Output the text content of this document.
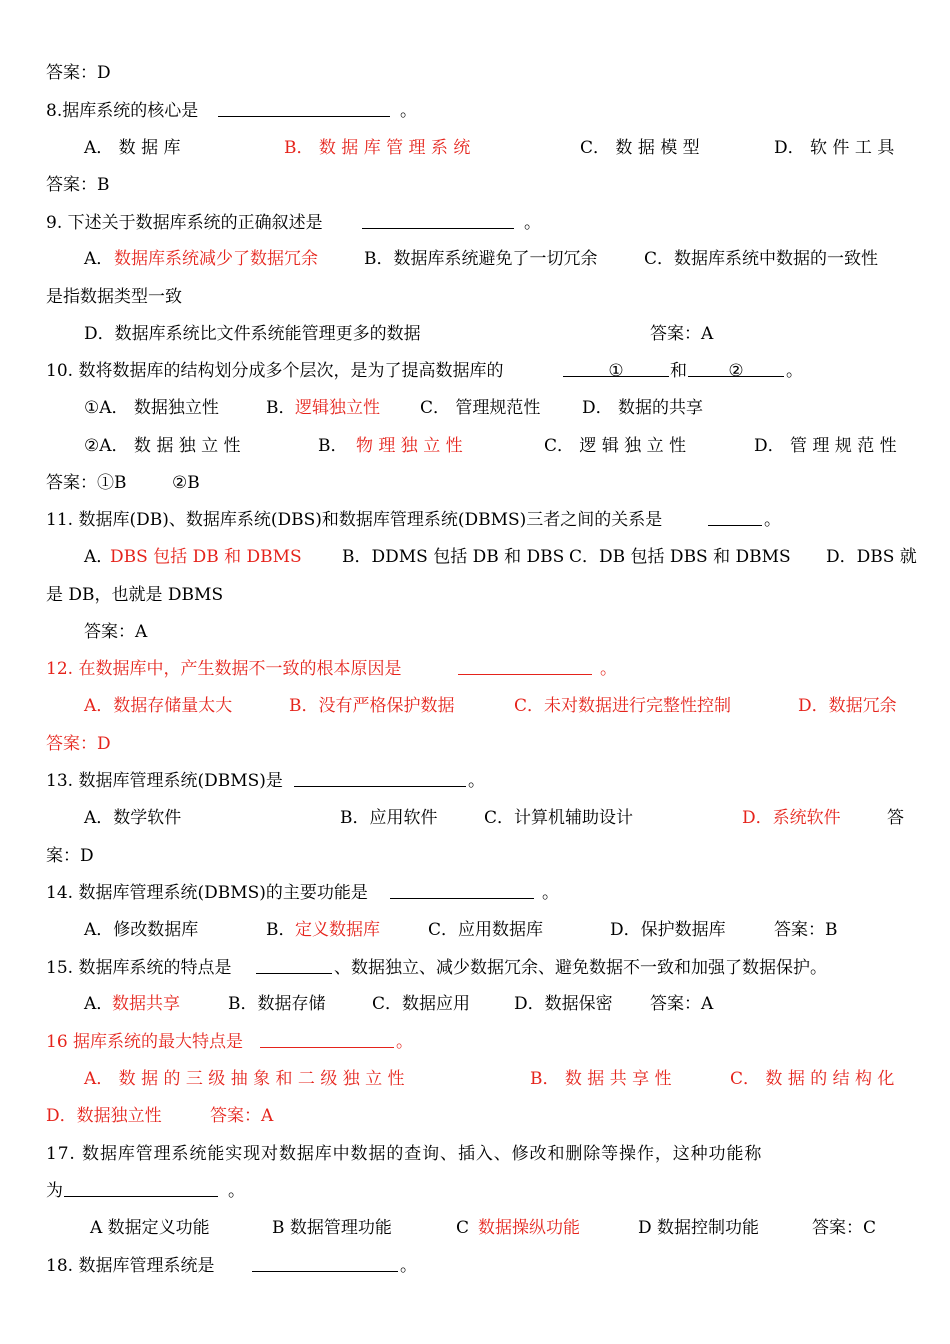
答案：D
8.据库系统的核心是	。
A． 数 据 库	B． 数 据 库 管 理 系 统	C． 数 据 模 型	D． 软 件 工 具
答案：B
9. 下述关于数据库系统的正确叙述是	。
A． 数据库系统减少了数据冗余	B．数据库系统避免了一切冗余	C．数据库系统中数据的一致性
是指数据类型一致
D．数据库系统比文件系统能管理更多的数据	答案：A
10. 数将数据库的结构划分成多个层次，是为了提高数据库的	①	和	②	。
①A． 数据独立性	B． 逻辑独立性 C． 管理规范性 D． 数据的共享
②A． 数 据 独 立 性	B． 物 理 独 立 性	C． 逻 辑 独 立 性	D． 管 理 规 范 性
答案：①B	②B
11. 数据库(DB)、数据库系统(DBS)和数据库管理系统(DBMS)三者之间的关系是	。
A．
DBS 包括 DB 和 DBMS B．DDMS 包括 DB 和 DBS C．DB 包括 DBS 和 DBMS D．DBS 就
是 DB，也就是 DBMS
答案：A
12. 在数据库中，产生数据不一致的根本原因是	。
A．数据存储量太大	B．没有严格保护数据	C．未对数据进行完整性控制	D．数据冗余
答案：D
13. 数据库管理系统(DBMS)是	。
A．数学软件	B．应用软件	C．计算机辅助设计	D．系统软件	答
案：D
14. 数据库管理系统(DBMS)的主要功能是	。
A．修改数据库	B． 定义数据库	C．应用数据库	D．保护数据库	答案：B
15. 数据库系统的特点是	、数据独立、减少数据冗余、避免数据不一致和加强了数据保护。
A．
数据共享	B．数据存储	C．数据应用	D．数据保密 答案：A
16 据库系统的最大特点是	。
A． 数 据 的 三 级 抽 象 和 二 级 独 立 性	B． 数 据 共 享 性	C． 数 据 的 结 构 化
D．数据独立性	答案：A
17. 数据库管理系统能实现对数据库中数据的查询、插入、修改和删除等操作，这种功能称
为	。
A 数据定义功能	B 数据管理功能	C 数据操纵功能	D 数据控制功能	答案：C
18. 数据库管理系统是	。
